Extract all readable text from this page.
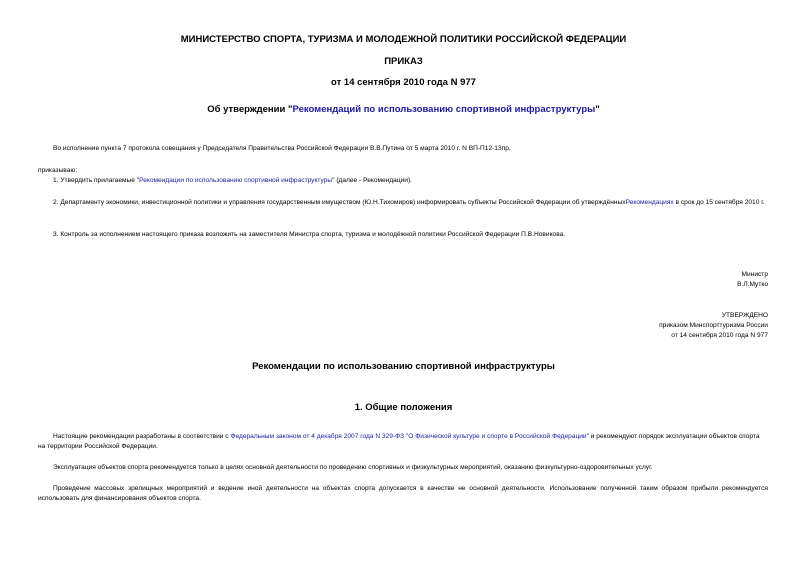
МИНИСТЕРСТВО СПОРТА, ТУРИЗМА И МОЛОДЕЖНОЙ ПОЛИТИКИ РОССИЙСКОЙ ФЕДЕРАЦИИ
ПРИКАЗ
от 14 сентября 2010 года N 977
Об утверждении "Рекомендаций по использованию спортивной инфраструктуры"
Во исполнение пункта 7 протокола совещания у Председателя Правительства Российской Федерации В.В.Путина от 5 марта 2010 г. N ВП-П12-13пр,
приказываю:
1. Утвердить прилагаемые "Рекомендации по использованию спортивной инфраструктуры" (далее - Рекомендации).
2. Департаменту экономики, инвестиционной политики и управления государственным имуществом (Ю.Н.Тихомиров) информировать субъекты Российской Федерации об утверждённыхРекомендациях в срок до 15 сентября 2010 г.
3. Контроль за исполнением настоящего приказа возложить на заместителя Министра спорта, туризма и молодёжной политики Российской Федерации П.В.Новикова.
Министр
В.Л.Мутко
УТВЕРЖДЕНО
приказом Минспорттуризма России
от 14 сентября 2010 года N 977
Рекомендации по использованию спортивной инфраструктуры
1. Общие положения
Настоящие рекомендации разработаны в соответствии с Федеральным законом от 4 декабря 2007 года N 329-ФЗ "О Физической культуре и спорте в Российской Федерации" и рекомендуют порядок эксплуатации объектов спорта на территории Российской Федерации.
Эксплуатация объектов спорта рекомендуется только в целях основной деятельности по проведению спортивных и физкультурных мероприятий, оказанию физкультурно-оздоровительных услуг.
Проведение массовых зрелищных мероприятий и ведение иной деятельности на объектах спорта допускается в качестве не основной деятельности. Использование полученной таким образом прибыли рекомендуется использовать для финансирования объектов спорта.
